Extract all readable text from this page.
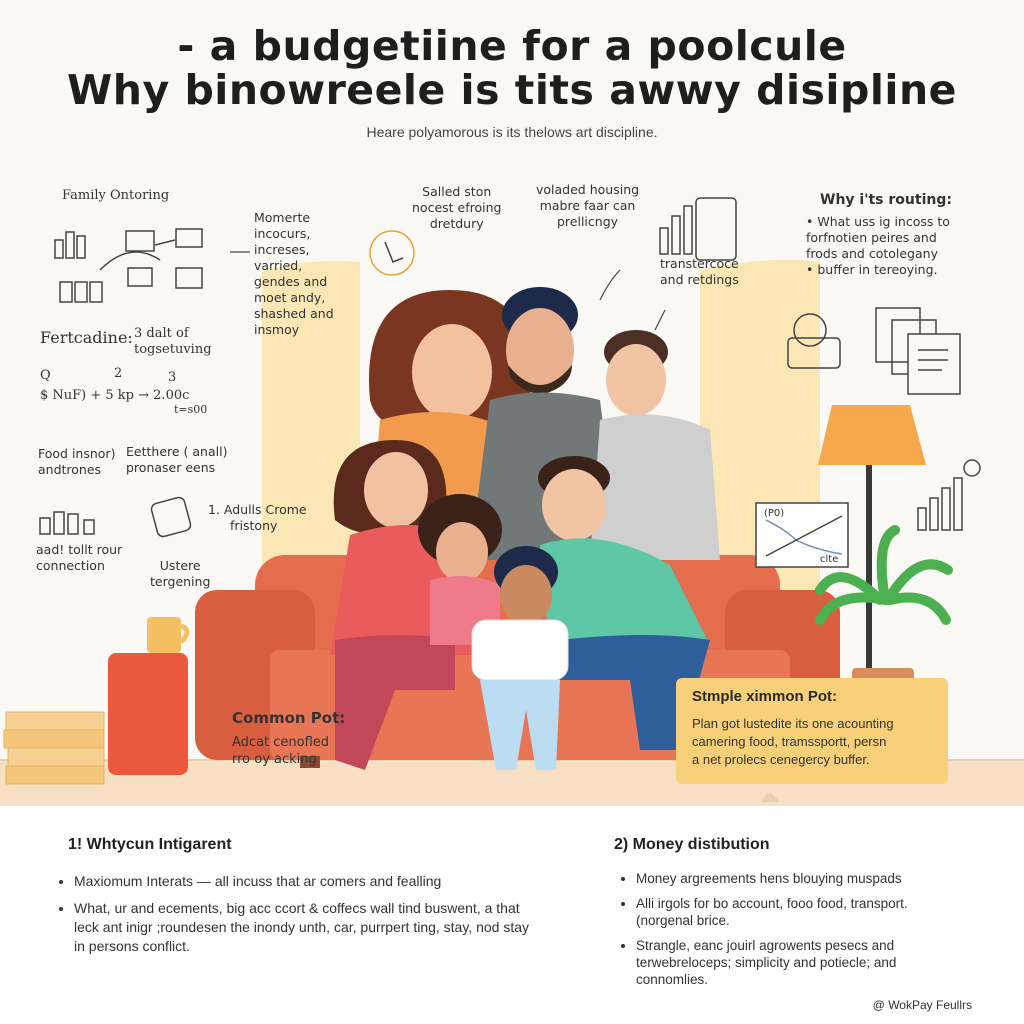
- a budgetiine for a poolcule
Why binowreele is tits awwy disipline
Heare polyamorous is its thelows art discipline.
Family Ontoring
Momerte
incocurs,
increses,
varried,
gendes and
moet andy,
shashed and
insmoy
Salled ston
nocest efroing
dretdury
voladed housing
mabre faar can
prellicngy
Why i'ts routing:
• What uss ig incoss to
forfnotien peires and
frods and cotolegany
• buffer in tereoying.
transtercoce
and retdings
Fertcadine: 3 dalt of
togsetuving
Q	2	3
$ NuF) + 5 kp → 2.00c
t=s00
Food insnor)
andtrones
Eetthere ( anall)
pronaser eens
1. Adulls Crome
fristony
aad! tollt rour
connection	Ustere
tergening
(P0)
clte
Common Pot:
Adcat cenofled
rro oy acking
Stmple ximmon Pot:

Plan got lustedite its one acounting
camering food, tramssportt, persn
a net prolecs cenegercy buffer.

1! Whtycun Intigarent
• Maxiomum Interats — all incuss that ar comers and fealling
• What, ur and ecements, big acc ccort & coffecs wall tind buswent, a that leck ant inigr ;roundesen the inondy unth, car, purrpert ting, stay, nod stay in persons conflict.
2) Money distibution
• Money argreements hens blouying muspads
• Alli irgols for bo account, fooo food, transport. (norgenal brice.
• Strangle, eanc jouirl agrowents pesecs and terwebreloceps; simplicity and potiecle; and connomlies.
@ WokPay Feullrs
